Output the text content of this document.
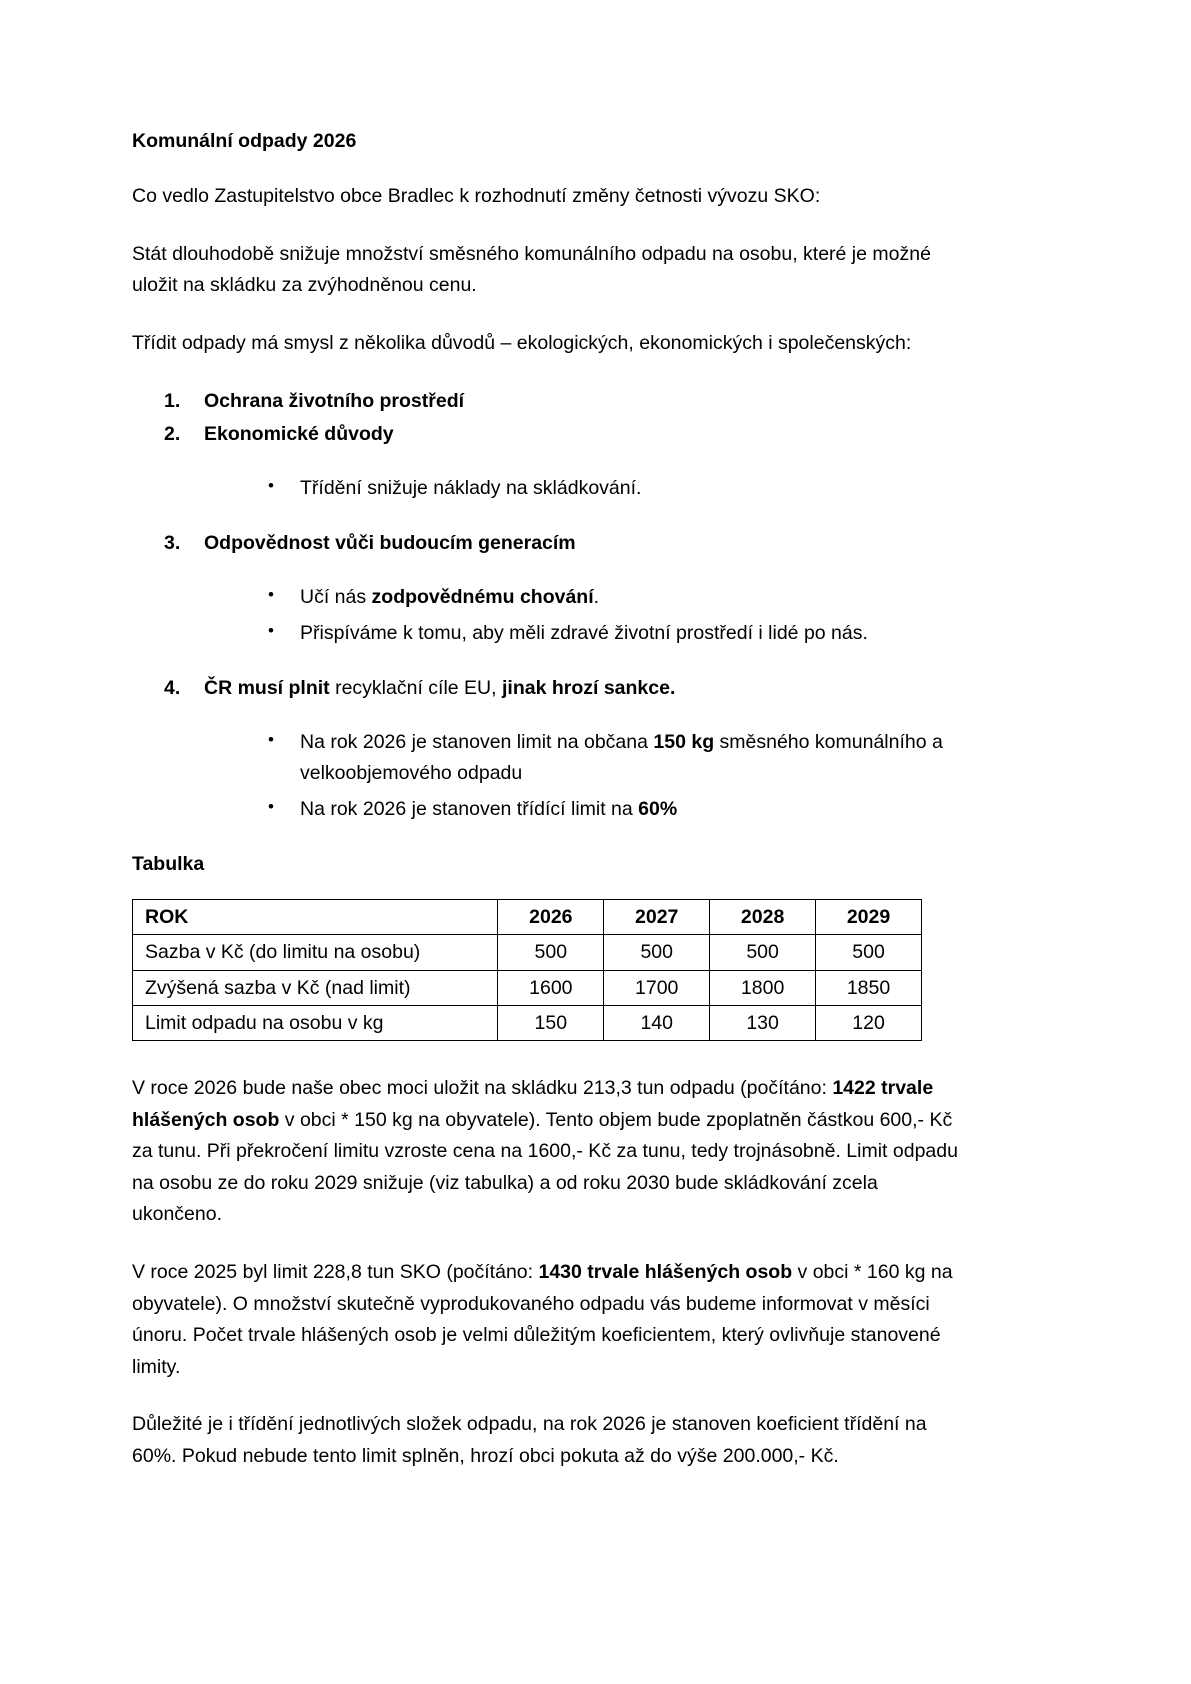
Komunální odpady 2026

Co vedlo Zastupitelstvo obce Bradlec k rozhodnutí změny četnosti vývozu SKO:

Stát dlouhodobě snižuje množství směsného komunálního odpadu na osobu, které je možné uložit na skládku za zvýhodněnou cenu.

Třídit odpady má smysl z několika důvodů – ekologických, ekonomických i společenských:

1.	Ochrana životního prostředí
2.	Ekonomické důvody
• Třídění snižuje náklady na skládkování.
3.	Odpovědnost vůči budoucím generacím
• Učí nás zodpovědnému chování.
• Přispíváme k tomu, aby měli zdravé životní prostředí i lidé po nás.
4.	ČR musí plnit recyklační cíle EU, jinak hrozí sankce.
• Na rok 2026 je stanoven limit na občana 150 kg směsného komunálního a velkoobjemového odpadu
• Na rok 2026 je stanoven třídící limit na 60%
Tabulka
ROK	2026	2027	2028	2029
Sazba v Kč (do limitu na osobu)	500	500	500	500
Zvýšená sazba v Kč (nad limit)	1600	1700	1800	1850
Limit odpadu na osobu v kg	150	140	130	120

V roce 2026 bude naše obec moci uložit na skládku 213,3 tun odpadu (počítáno: 1422 trvale hlášených osob v obci * 150 kg na obyvatele). Tento objem bude zpoplatněn částkou 600,- Kč za tunu. Při překročení limitu vzroste cena na 1600,- Kč za tunu, tedy trojnásobně. Limit odpadu na osobu ze do roku 2029 snižuje (viz tabulka) a od roku 2030 bude skládkování zcela ukončeno.

V roce 2025 byl limit 228,8 tun SKO (počítáno: 1430 trvale hlášených osob v obci * 160 kg na obyvatele). O množství skutečně vyprodukovaného odpadu vás budeme informovat v měsíci únoru. Počet trvale hlášených osob je velmi důležitým koeficientem, který ovlivňuje stanovené limity.

Důležité je i třídění jednotlivých složek odpadu, na rok 2026 je stanoven koeficient třídění na 60%. Pokud nebude tento limit splněn, hrozí obci pokuta až do výše 200.000,- Kč.
